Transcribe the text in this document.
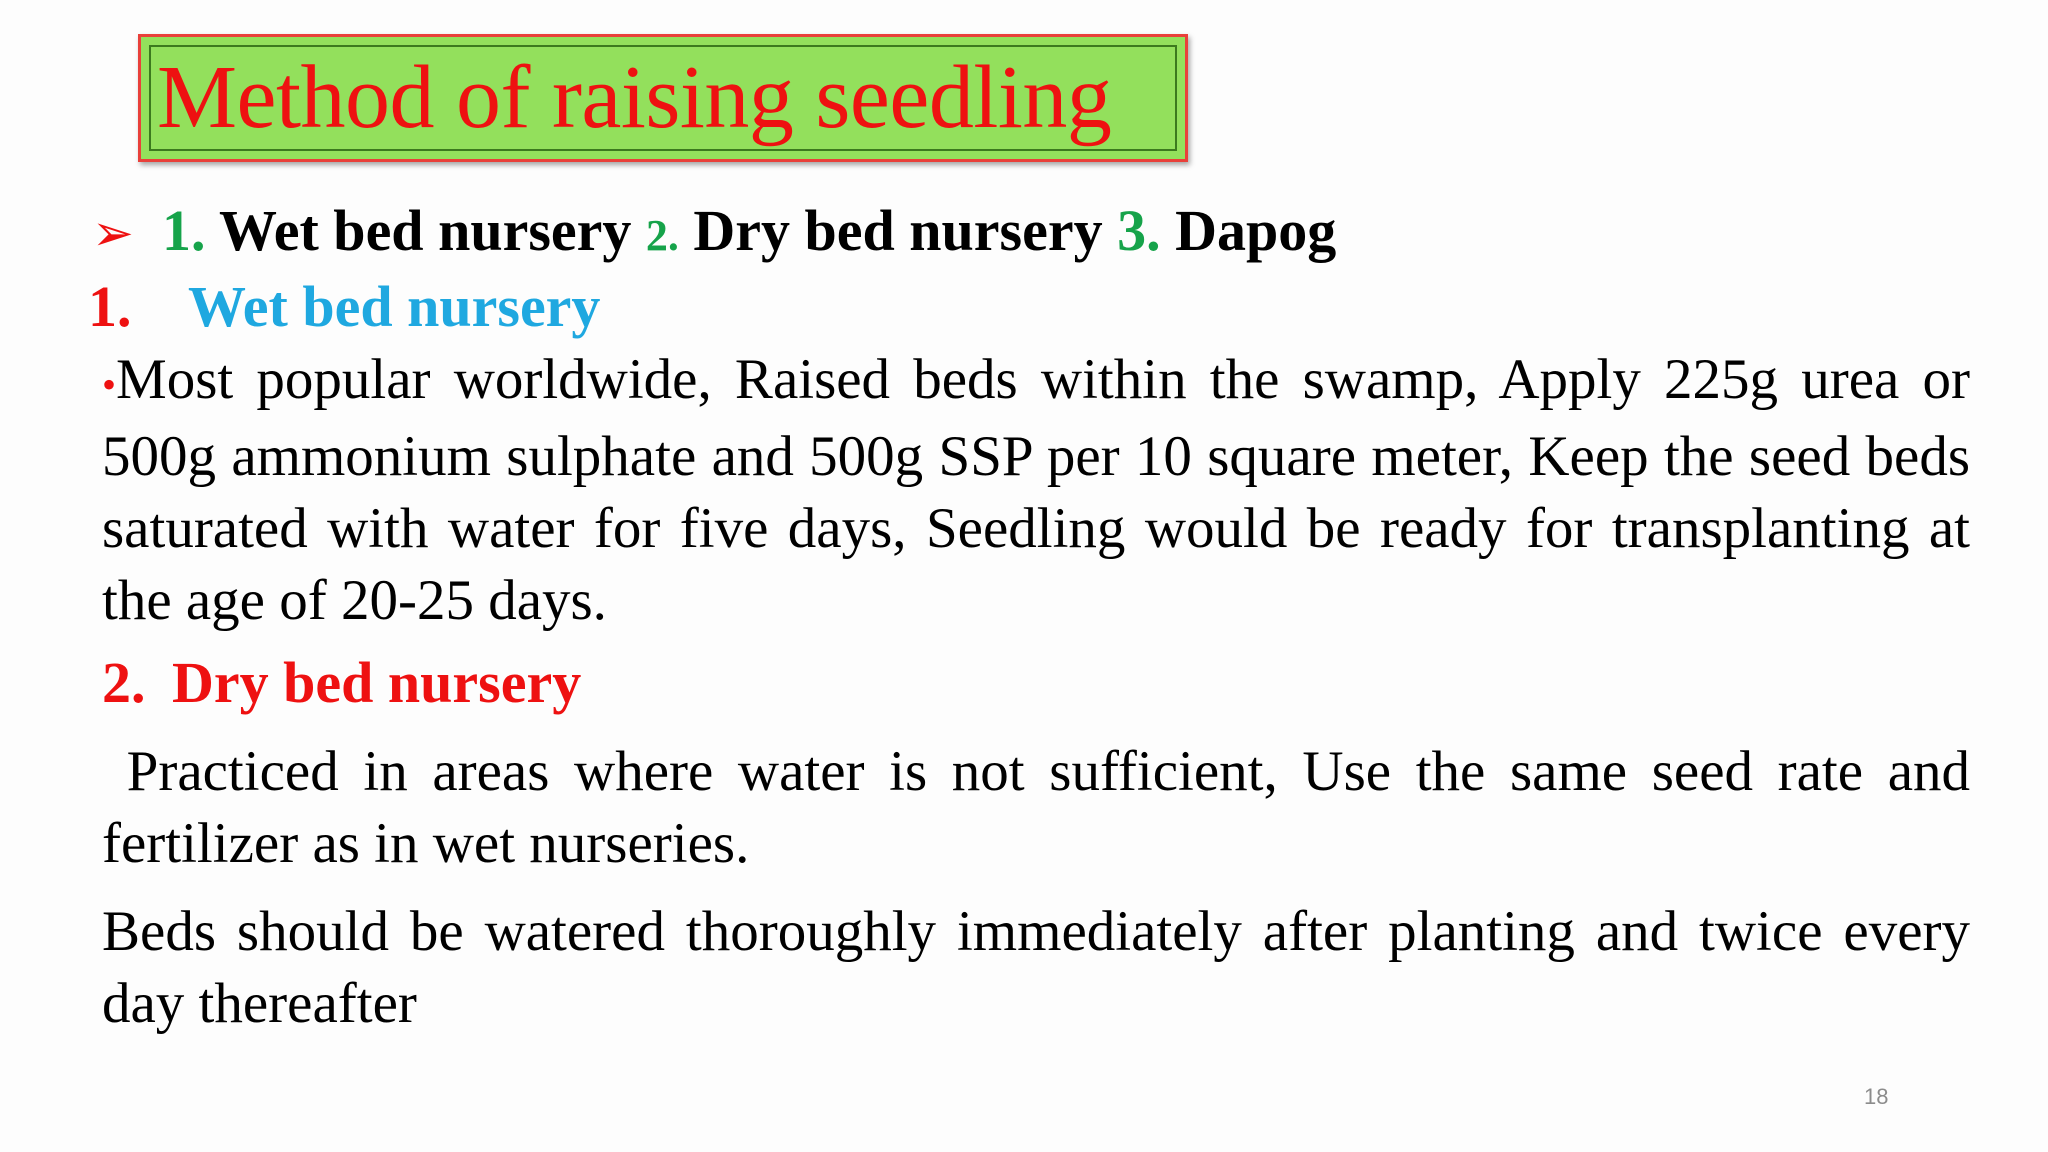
Method of raising seedling
➢ 1. Wet bed nursery 2. Dry bed nursery 3. Dapog
1. Wet bed nursery
•Most popular worldwide, Raised beds within the swamp, Apply 225g urea or 500g ammonium sulphate and 500g SSP per 10 square meter, Keep the seed beds saturated with water for five days, Seedling would be ready for transplanting at the age of 20-25 days.
2. Dry bed nursery
Practiced in areas where water is not sufficient, Use the same seed rate and fertilizer as in wet nurseries.
Beds should be watered thoroughly immediately after planting and twice every day thereafter
18
